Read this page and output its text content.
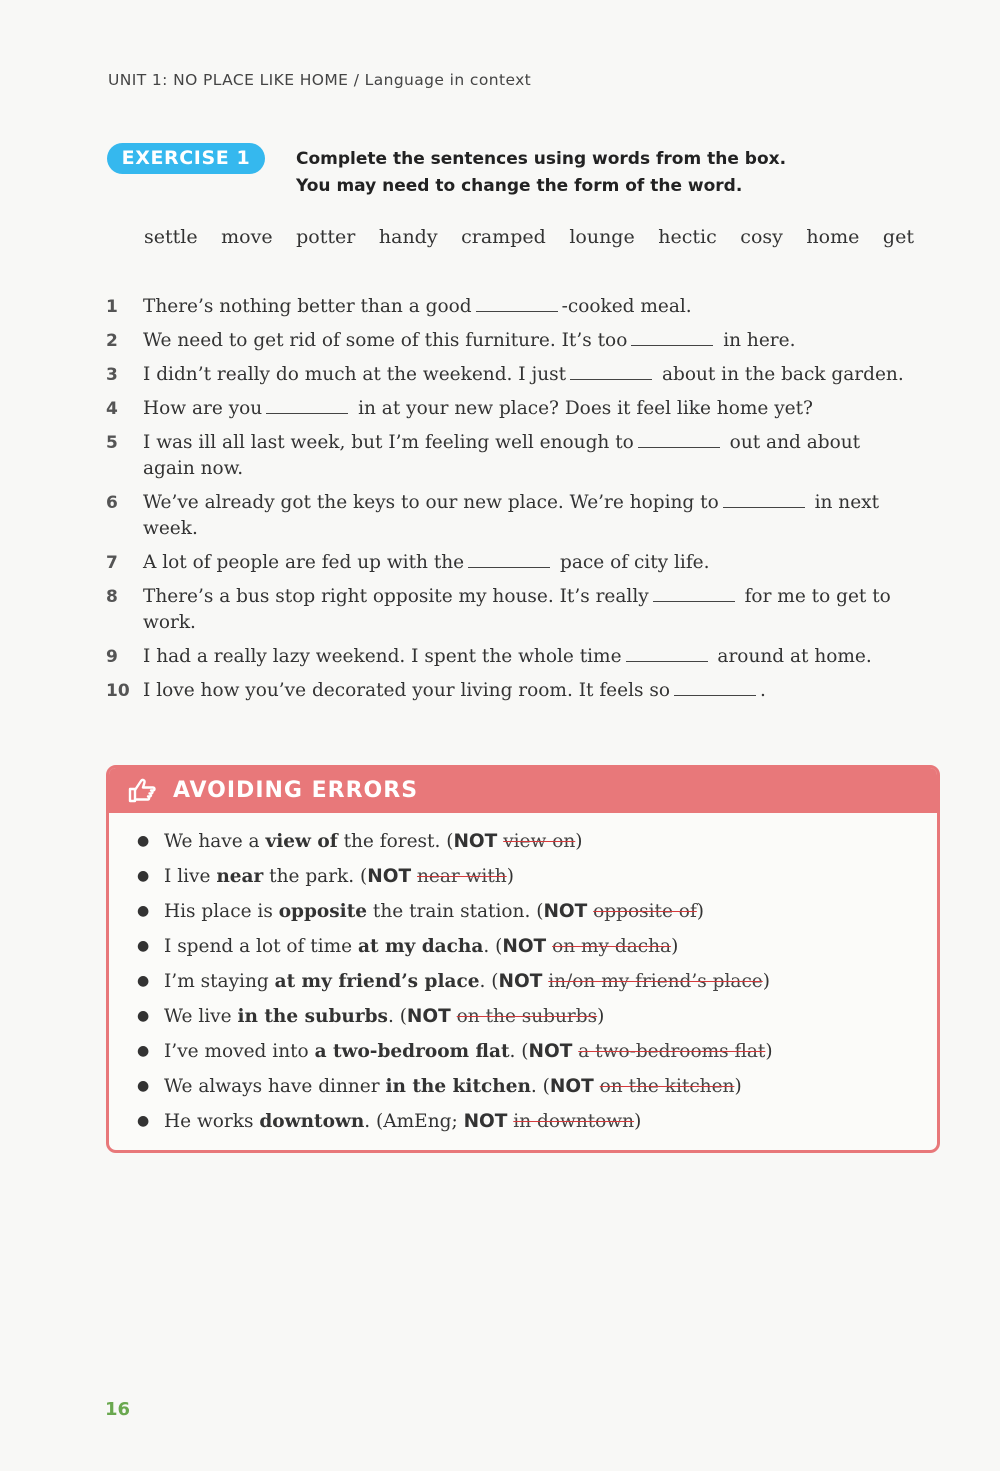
UNIT 1: NO PLACE LIKE HOME / Language in context
EXERCISE 1	Complete the sentences using words from the box.
You may need to change the form of the word.
settle move potter handy cramped lounge hectic cosy home get
1	There’s nothing better than a good	-cooked meal.
2	We need to get rid of some of this furniture. It’s too	in here.
3	I didn’t really do much at the weekend. I just	about in the back garden.
4	How are you	in at your new place? Does it feel like home yet?
5	I was ill all last week, but I’m feeling well enough to	out and about again now.
6	We’ve already got the keys to our new place. We’re hoping to	in next week.
7	A lot of people are fed up with the	pace of city life.
8	There’s a bus stop right opposite my house. It’s really	for me to get to work.
9	I had a really lazy weekend. I spent the whole time	around at home.
10 I love how you’ve decorated your living room. It feels so	.
AVOIDING ERRORS
● We have a view of the forest. (NOT view on)
● I live near the park. (NOT near with)
● His place is opposite the train station. (NOT opposite of)
● I spend a lot of time at my dacha. (NOT on my dacha)
● I’m staying at my friend’s place. (NOT in/on my friend’s place)
● We live in the suburbs. (NOT on the suburbs)
● I’ve moved into a two-bedroom flat. (NOT a two-bedrooms flat)
● We always have dinner in the kitchen. (NOT on the kitchen)
● He works downtown. (AmEng; NOT in downtown)
16
